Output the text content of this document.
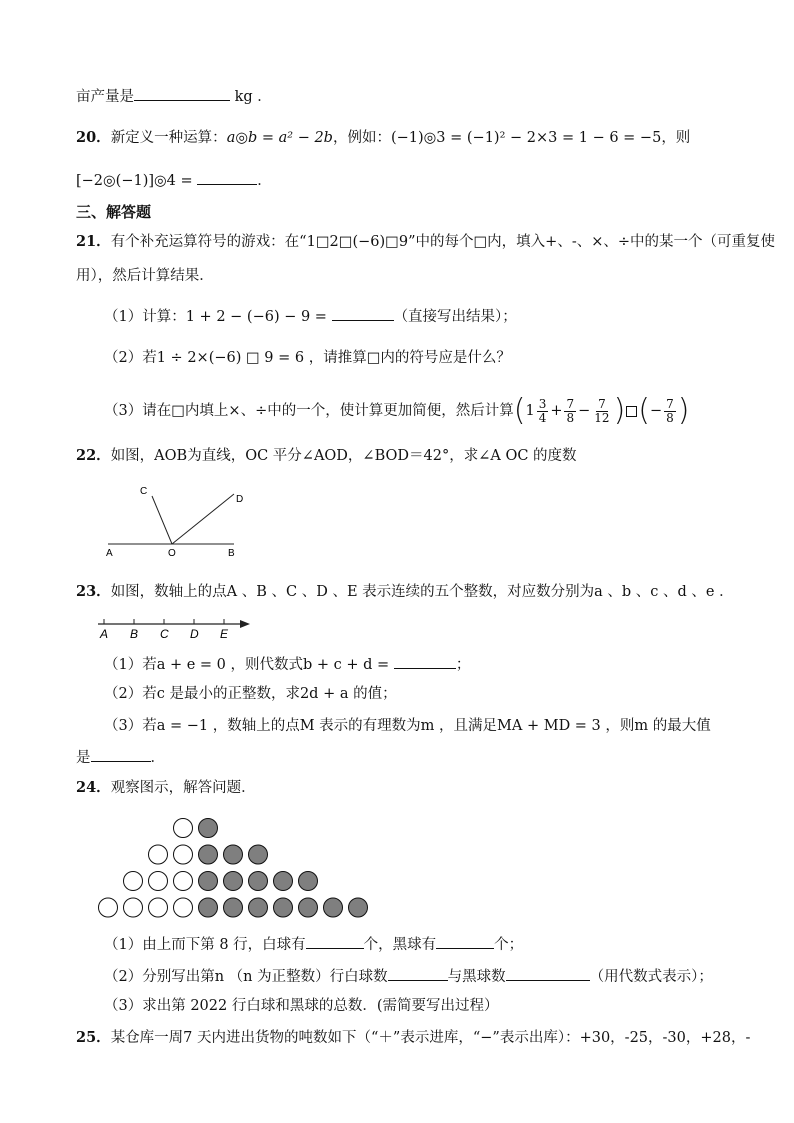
亩产量是	kg ．
20．新定义一种运算：a◎b = a² − 2b，例如：(−1)◎3 = (−1)² − 2×3 = 1 − 6 = −5，则
[−2◎(−1)]◎4 =	．
三、解答题
21．有个补充运算符号的游戏：在“1□2□(−6)□9”中的每个□内，填入+、-、×、÷中的某一个（可重复使
用），然后计算结果．
（1）计算：1 + 2 − (−6) − 9 =	（直接写出结果）；
（2）若1 ÷ 2×(−6) □ 9 = 6 ，请推算□内的符号应是什么？
（3）请在□内填上×、÷中的一个，使计算更加简便，然后计算($1 \frac{3}{4} + \frac{7}{8} - \frac{7}{12}$ ) (− $\frac{7}{8}$ )
22．如图，AOB为直线，OC 平分∠AOD，∠BOD＝42°，求∠A OC 的度数
A	O	B
C
D
23．如图，数轴上的点A 、B 、C 、D 、E 表示连续的五个整数，对应数分别为a 、b 、c 、d 、e ．
A B C D E
（1）若a + e = 0 ，则代数式b + c + d =	；
（2）若c 是最小的正整数，求2d + a 的值；
（3）若a = −1 ，数轴上的点M 表示的有理数为m ，且满足MA + MD = 3 ，则m 的最大值
是	．
24．观察图示，解答问题．
（1）由上而下第 8 行，白球有	个，黑球有	个；
（2）分别写出第n （n 为正整数）行白球数	与黑球数	（用代数式表示）；
（3）求出第 2022 行白球和黑球的总数．(需简要写出过程）
25．某仓库一周7 天内进出货物的吨数如下（“＋”表示进库，“−”表示出库）：+30，-25，-30，+28，-
